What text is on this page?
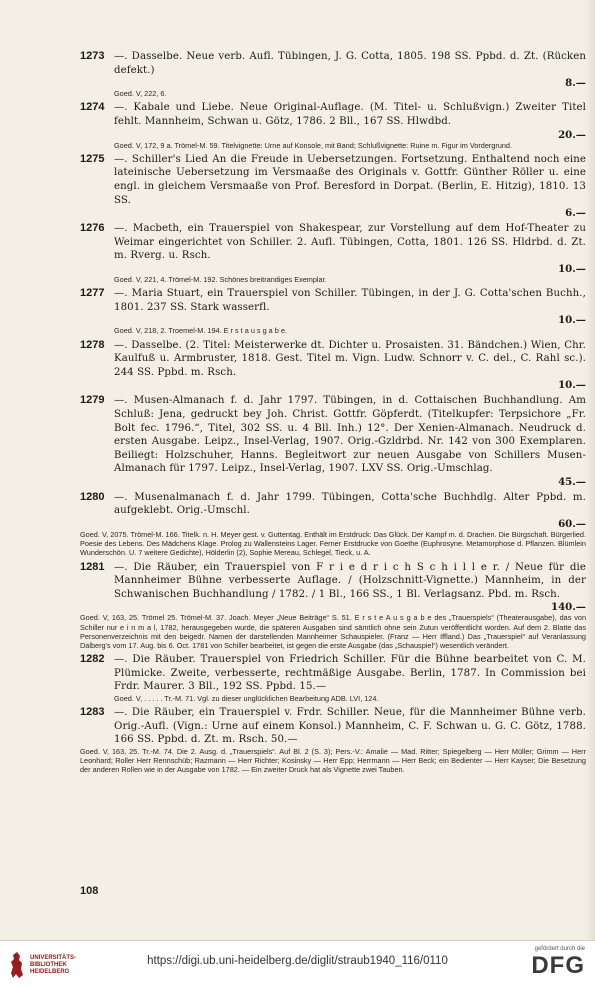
1273 —. Dasselbe. Neue verb. Aufl. Tübingen, J. G. Cotta, 1805. 198 SS. Ppbd. d. Zt. (Rücken defekt.)
8.—
Goed. V, 222, 6.
1274 —. Kabale und Liebe. Neue Original-Auflage. (M. Titel- u. Schlußvign.) Zweiter Titel fehlt. Mannheim, Schwan u. Götz, 1786. 2 Bll., 167 SS. Hlwdbd.
20.—
Goed. V, 172, 9 a. Trömel-M. 59. Titelvignette: Urne auf Konsole, mit Band; Schlußvignette: Ruine m. Figur im Vordergrund.
1275 —. Schiller's Lied An die Freude in Uebersetzungen. Fortsetzung. Enthaltend noch eine lateinische Uebersetzung im Versmaaße des Originals v. Gottfr. Günther Röller u. eine engl. in gleichem Versmaaße von Prof. Beresford in Dorpat. (Berlin, E. Hitzig), 1810. 13 SS.
6.—
1276 —. Macbeth, ein Trauerspiel von Shakespear, zur Vorstellung auf dem Hof-Theater zu Weimar eingerichtet von Schiller. 2. Aufl. Tübingen, Cotta, 1801. 126 SS. Hldrbd. d. Zt. m. Rverg. u. Rsch.
10.—
Goed. V, 221, 4. Trömel-M. 192. Schönes breitrandiges Exemplar.
1277 —. Maria Stuart, ein Trauerspiel von Schiller. Tübingen, in der J. G. Cotta'schen Buchh., 1801. 237 SS. Stark wasserfl.
10.—
Goed. V, 218, 2. Troemel-M. 194. E r s t a u s g a b e.
1278 —. Dasselbe. (2. Titel: Meisterwerke dt. Dichter u. Prosaisten. 31. Bändchen.) Wien, Chr. Kaulfuß u. Armbruster, 1818. Gest. Titel m. Vign. Ludw. Schnorr v. C. del., C. Rahl sc.). 244 SS. Ppbd. m. Rsch.
10.—
1279 —. Musen-Almanach f. d. Jahr 1797. Tübingen, in d. Cottaischen Buchhandlung. Am Schluß: Jena, gedruckt bey Joh. Christ. Gottfr. Göpferdt. (Titelkupfer: Terpsichore „Fr. Bolt fec. 1796.“, Titel, 302 SS. u. 4 Bll. Inh.) 12°. Der Xenien-Almanach. Neudruck d. ersten Ausgabe. Leipz., Insel-Verlag, 1907. Orig.-Gzldrbd. Nr. 142 von 300 Exemplaren. Beiliegt: Holzschuher, Hanns. Begleitwort zur neuen Ausgabe von Schillers Musen-Almanach für 1797. Leipz., Insel-Verlag, 1907. LXV SS. Orig.-Umschlag.
45.—
1280 —. Musenalmanach f. d. Jahr 1799. Tübingen, Cotta'sche Buchhdlg. Alter Ppbd. m. aufgeklebt. Orig.-Umschl.
60.—
Goed. V, 2075. Trömel-M. 166. Titelk. n. H. Meyer gest. v. Guttentag. Enthält im Erstdruck: Das Glück. Der Kampf m. d. Drachen. Die Bürgschaft. Bürgerlied. Poesie des Lebens. Des Mädchens Klage. Prolog zu Wallensteins Lager. Ferner Erstdrucke von Goethe (Euphrosyne. Metamorphose d. Pflanzen. Blümlein Wunderschön. U. 7 weitere Gedichte), Hölderlin (2), Sophie Mereau, Schlegel, Tieck, u. A.
1281 —. Die Räuber, ein Trauerspiel von F r i e d r i c h S c h i l l e r. / Neue für die Mannheimer Bühne verbesserte Auflage. / (Holzschnitt-Vignette.) Mannheim, in der Schwanischen Buchhandlung / 1782. / 1 Bl., 166 SS., 1 Bl. Verlagsanz. Pbd. m. Rsch.
140.—
Goed. V, 163, 25. Trömel 25. Trömel-M. 37. Joach. Meyer „Neue Beiträge“ S. 51. E r s t e A u s g a b e des „Trauerspiels“ (Theaterausgabe), das von Schiller nur e i n m a l, 1782, herausgegeben wurde, die späteren Ausgaben sind sämtlich ohne sein Zutun veröffentlicht worden. Auf dem 2. Blatte das Personenverzeichnis mit den beigedr. Namen der darstellenden Mannheimer Schauspieler. (Franz — Herr Iffland.) Das „Trauerspiel“ auf Veranlassung Dalberg's vom 17. Aug. bis 6. Oct. 1781 von Schiller bearbeitet, ist gegen die erste Ausgabe (das „Schauspiel“) wesentlich verändert.
1282 —. Die Räuber. Trauerspiel von Friedrich Schiller. Für die Bühne bearbeitet von C. M. Plümicke. Zweite, verbesserte, rechtmäßige Ausgabe. Berlin, 1787. In Commission bei Frdr. Maurer. 3 Bll., 192 SS. Ppbd. 15.—
Goed. V, . . . . . Tr.-M. 71. Vgl. zu dieser unglücklichen Bearbeitung ADB. LVI, 124.
1283 —. Die Räuber, ein Trauerspiel v. Frdr. Schiller. Neue, für die Mannheimer Bühne verb. Orig.-Aufl. (Vign.: Urne auf einem Konsol.) Mannheim, C. F. Schwan u. G. C. Götz, 1788. 166 SS. Ppbd. d. Zt. m. Rsch. 50.—
Goed. V, 163, 25. Tr.-M. 74. Die 2. Ausg. d. „Trauerspiels“. Auf Bl. 2 (S. 3); Pers.-V.: Amalie — Mad. Ritter; Spiegelberg — Herr Müller; Grimm — Herr Leonhard; Roller Herr Rennschüb; Razmann — Herr Richter; Kosinsky — Herr Epp; Herrmann — Herr Beck; ein Bedienter — Herr Kayser; Die Besetzung der anderen Rollen wie in der Ausgabe von 1782. — Ein zweiter Druck hat als Vignette zwei Tauben.
108
UNIVERSITÄTS-BIBLIOTHEK HEIDELBERG
https://digi.ub.uni-heidelberg.de/diglit/straub1940_116/0110
gefördert durch die
DFG
